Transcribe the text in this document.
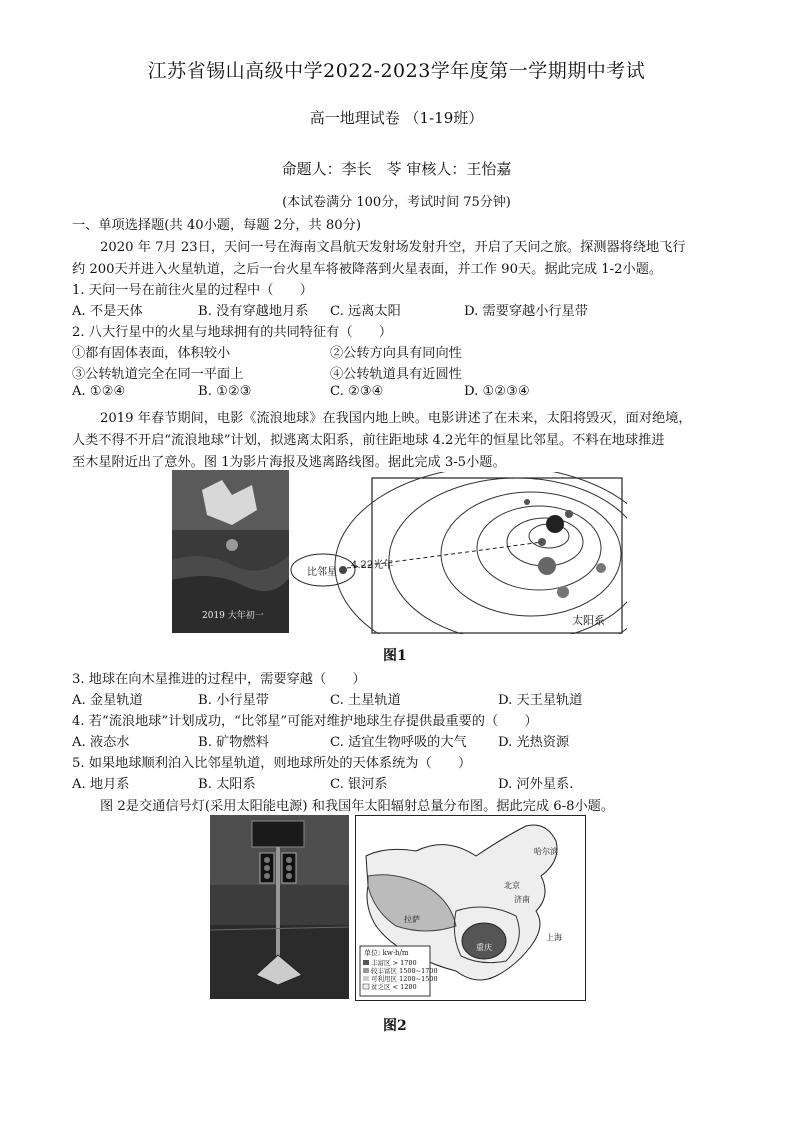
江苏省锡山高级中学2022-2023学年度第一学期期中考试
高一地理试卷 （1-19班）
命题人：李长　苓 审核人：王怡嘉
(本试卷满分 100分，考试时间 75分钟)
一、单项选择题(共 40小题，每题 2分，共 80分)
2020 年 7月 23日，天问一号在海南文昌航天发射场发射升空，开启了天问之旅。探测器将绕地飞行
约 200天并进入火星轨道，之后一台火星车将被降落到火星表面，并工作 90天。据此完成 1-2小题。
1. 天问一号在前往火星的过程中（　　）
A. 不是天体	B. 没有穿越地月系 C. 远离太阳	D. 需要穿越小行星带
2. 八大行星中的火星与地球拥有的共同特征有（　　）
①都有固体表面，体积较小	②公转方向具有同向性
③公转轨道完全在同一平面上	④公转轨道具有近圆性
A. ①②④	B. ①②③	C. ②③④	D. ①②③④
2019 年春节期间，电影《流浪地球》在我国内地上映。电影讲述了在未来，太阳将毁灭，面对绝境，
人类不得不开启“流浪地球”计划，拟逃离太阳系，前往距地球 4.2光年的恒星比邻星。不料在地球推进
至木星附近出了意外。图 1为影片海报及逃离路线图。据此完成 3-5小题。
2019 大年初一
比邻星
4.22光年
太阳系
图1
3. 地球在向木星推进的过程中，需要穿越（　　）
A. 金星轨道	B. 小行星带	C. 土星轨道	D. 天王星轨道
4. 若“流浪地球”计划成功，“比邻星”可能对维护地球生存提供最重要的（　　）
A. 液态水	B. 矿物燃料	C. 适宜生物呼吸的大气 D. 光热资源
5. 如果地球顺利泊入比邻星轨道，则地球所处的天体系统为（　　）
A. 地月系	B. 太阳系	C. 银河系	D. 河外星系.
图 2是交通信号灯(采用太阳能电源) 和我国年太阳辐射总量分布图。据此完成 6-8小题。
哈尔滨
北京
济南
上海
拉萨
重庆
单位: kw·h/m
丰富区 > 1700
较丰富区 1500~1700
可利用区 1200~1500
贫乏区 < 1200
图2
